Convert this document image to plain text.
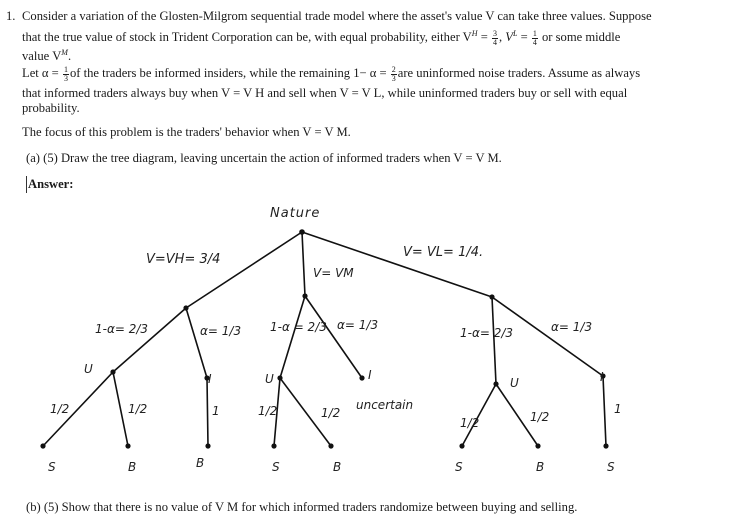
1. Consider a variation of the Glosten-Milgrom sequential trade model where the asset's value V can take three values. Suppose
that the true value of stock in Trident Corporation can be, with equal probability, either $V^H = \frac{3}{4}$ , $V^L = \frac{1}{4}$ or some middle
value $V^M$.
Let $\alpha = \frac{1}{3}$ of the traders be informed insiders, while the remaining $1- \alpha = \frac{2}{3}$ are uninformed noise traders. Assume as always
that informed traders always buy when V = V H and sell when V = V L, while uninformed traders buy or sell with equal
probability.
The focus of this problem is the traders' behavior when V = V M.
(a) (5) Draw the tree diagram, leaving uncertain the action of informed traders when V = V M.
Answer:
Nature
V=VH= 3/4
V= VM
V= VL= 1/4.
1-α= 2/3	α= 1/3
U
I
1/2	1/2	1
1-α = 2/3 α= 1/3
U	I
1/2	1/2
uncertain
1-α= 2/3	α= 1/3
U	I
1/2	1/2
1
S	B	B	S	B	S	B	S
(b) (5) Show that there is no value of V M for which informed traders randomize between buying and selling.
